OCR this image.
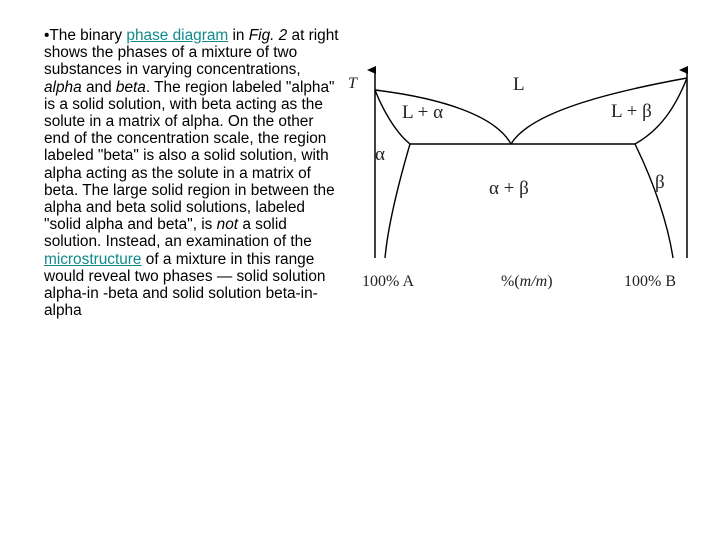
•The binary phase diagram in Fig. 2 at right shows the phases of a mixture of two substances in varying concentrations, alpha and beta. The region labeled "alpha" is a solid solution, with beta acting as the solute in a matrix of alpha. On the other end of the concentration scale, the region labeled "beta" is also a solid solution, with alpha acting as the solute in a matrix of beta. The large solid region in between the alpha and beta solid solutions, labeled "solid alpha and beta", is not a solid solution. Instead, an examination of the microstructure of a mixture in this range would reveal two phases — solid solution alpha-in -beta and solid solution beta-in-alpha

T	L
L + α	L + β
α
β
α + β
100% A	%(m/m)	100% B
